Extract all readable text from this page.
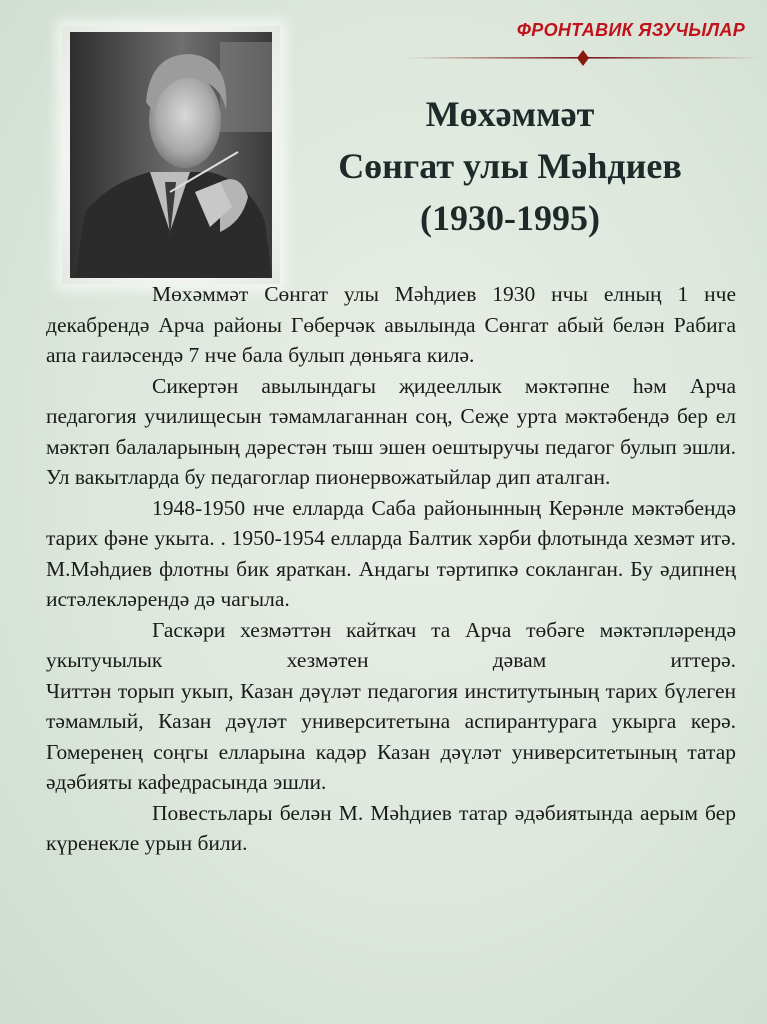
ФРОНТАВИК ЯЗУЧЫЛАР
Мөхәммәт
Сөнгат улы Мәһдиев
(1930-1995)

Мөхәммәт Сөнгат улы Мәһдиев 1930 нчы елның 1 нче декабрендә Арча районы Гөберчәк авылында Сөнгат абый белән Рабига апа гаиләсендә 7 нче бала булып дөньяга килә.

Сикертән авылындагы җидееллык мәктәпне һәм Арча педагогия училищесын тәмамлаганнан соң, Сеҗе урта мәктәбендә бер ел мәктәп балаларының дәрестән тыш эшен оештыручы педагог булып эшли. Ул вакытларда бу педагоглар пионервожатыйлар дип аталган.

1948-1950 нче елларда Саба районынның Керәнле мәктәбендә тарих фәне укыта. . 1950-1954 елларда Балтик хәрби флотында хезмәт итә. М.Мәһдиев флотны бик яраткан. Андагы тәртипкә сокланган. Бу әдипнең истәлекләрендә дә чагыла.

Гаскәри хезмәттән кайткач та Арча төбәге мәктәпләрендә укытучылык хезмәтен дәвам иттерә.

Читтән торып укып, Казан дәүләт педагогия институтының тарих бүлеген тәмамлый, Казан дәүләт университетына аспирантурага укырга керә. Гомеренең соңгы елларына кадәр Казан дәүләт университетының татар әдәбияты кафедрасында эшли.

Повестьлары белән М. Мәһдиев татар әдәбиятында аерым бер күренекле урын били.
